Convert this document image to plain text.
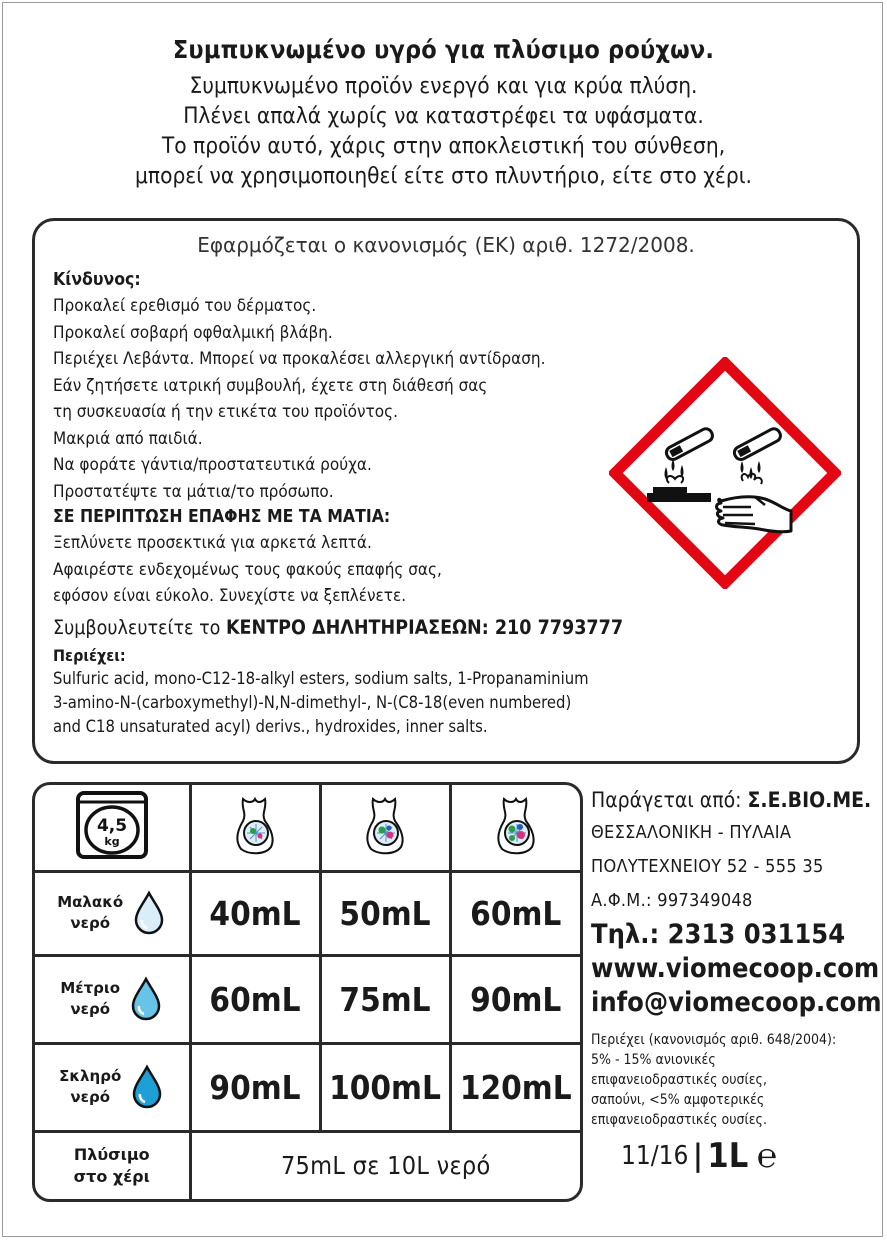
Συμπυκνωμένο υγρό για πλύσιμο ρούχων.
Συμπυκνωμένο προϊόν ενεργό και για κρύα πλύση.
Πλένει απαλά χωρίς να καταστρέφει τα υφάσματα.
Το προϊόν αυτό, χάρις στην αποκλειστική του σύνθεση,
μπορεί να χρησιμοποιηθεί είτε στο πλυντήριο, είτε στο χέρι.
Εφαρμόζεται ο κανονισμός (ΕΚ) αριθ. 1272/2008.
Κίνδυνος:
Προκαλεί ερεθισμό του δέρματος.
Προκαλεί σοβαρή οφθαλμική βλάβη.
Περιέχει Λεβάντα. Μπορεί να προκαλέσει αλλεργική αντίδραση.
Εάν ζητήσετε ιατρική συμβουλή, έχετε στη διάθεσή σας
τη συσκευασία ή την ετικέτα του προϊόντος.
Μακριά από παιδιά.
Να φοράτε γάντια/προστατευτικά ρούχα.
Προστατέψτε τα μάτια/το πρόσωπο.
ΣΕ ΠΕΡΙΠΤΩΣΗ ΕΠΑΦΗΣ ΜΕ ΤΑ ΜΑΤΙΑ:
Ξεπλύνετε προσεκτικά για αρκετά λεπτά.
Αφαιρέστε ενδεχομένως τους φακούς επαφής σας,
εφόσον είναι εύκολο. Συνεχίστε να ξεπλένετε.
Συμβουλευτείτε το ΚΕΝΤΡΟ ΔΗΛΗΤΗΡΙΑΣΕΩΝ: 210 7793777
Περιέχει:
Sulfuric acid, mono-C12-18-alkyl esters, sodium salts, 1-Propanaminium
3-amino-N-(carboxymethyl)-N,N-dimethyl-, N-(C8-18(even numbered)
and C18 unsaturated acyl) derivs., hydroxides, inner salts.
4,5
kg

Μαλακό
νερό	40mL	50mL	60mL
Μέτριο
νερό	60mL	75mL	90mL
Σκληρό
νερό	90mL	100mL	120mL

Πλύσιμο
στο χέρι	75mL σε 10L νερό		
Παράγεται από: Σ.Ε.ΒΙΟ.ΜΕ.
ΘΕΣΣΑΛΟΝΙΚΗ - ΠΥΛΑΙΑ
ΠΟΛΥΤΕΧΝΕΙΟΥ 52 - 555 35
Α.Φ.Μ.: 997349048
Τηλ.: 2313 031154
www.viomecoop.com
info@viomecoop.com
Περιέχει (κανονισμός αριθ. 648/2004):
5% - 15% ανιονικές
επιφανειοδραστικές ουσίες,
σαπούνι, <5% αμφοτερικές
επιφανειοδραστικές ουσίες.
11/16 | 1L ℮
